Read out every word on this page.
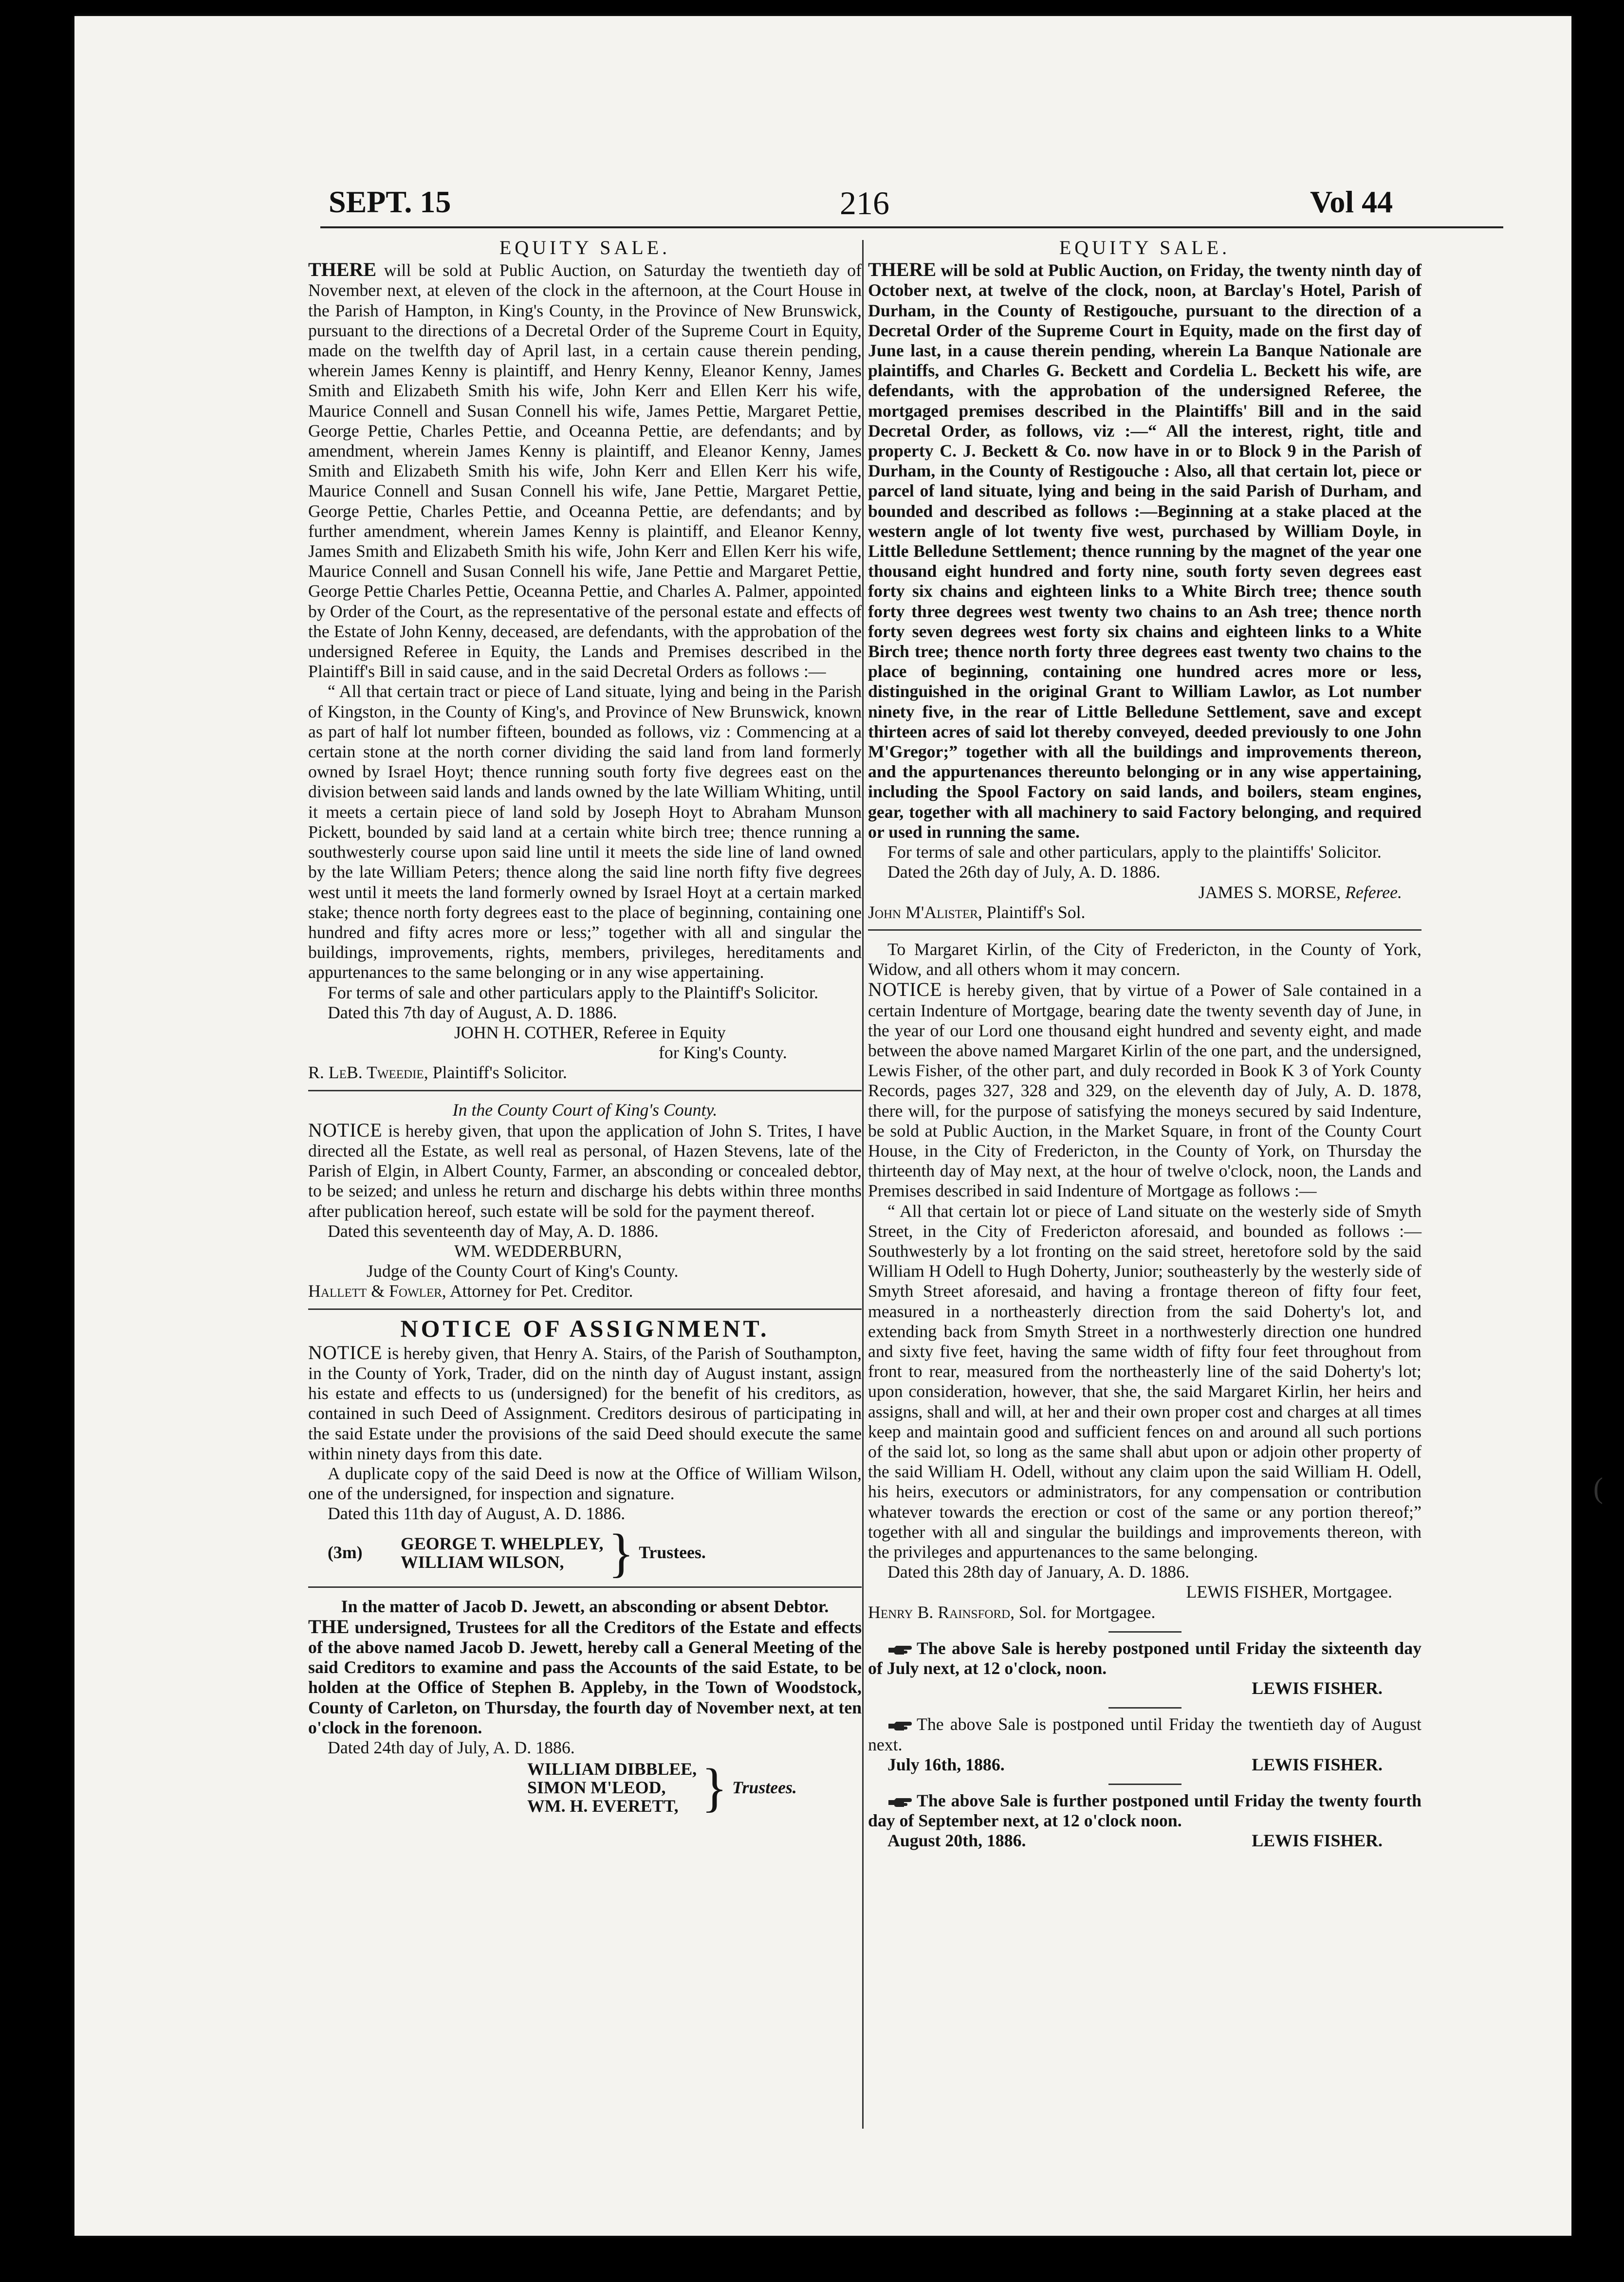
SEPT. 15	216	Vol 44

EQUITY SALE.

THERE will be sold at Public Auction, on Saturday the twentieth day of November next, at eleven of the clock in the afternoon, at the Court House in the Parish of Hampton, in King's County, in the Province of New Brunswick, pursuant to the directions of a Decretal Order of the Supreme Court in Equity, made on the twelfth day of April last, in a certain cause therein pending, wherein James Kenny is plaintiff, and Henry Kenny, Eleanor Kenny, James Smith and Elizabeth Smith his wife, John Kerr and Ellen Kerr his wife, Maurice Connell and Susan Connell his wife, James Pettie, Margaret Pettie, George Pettie, Charles Pettie, and Oceanna Pettie, are defendants; and by amendment, wherein James Kenny is plaintiff, and Eleanor Kenny, James Smith and Elizabeth Smith his wife, John Kerr and Ellen Kerr his wife, Maurice Connell and Susan Connell his wife, Jane Pettie, Margaret Pettie, George Pettie, Charles Pettie, and Oceanna Pettie, are defendants; and by further amendment, wherein James Kenny is plaintiff, and Eleanor Kenny, James Smith and Elizabeth Smith his wife, John Kerr and Ellen Kerr his wife, Maurice Connell and Susan Connell his wife, Jane Pettie and Margaret Pettie, George Pettie Charles Pettie, Oceanna Pettie, and Charles A. Palmer, appointed by Order of the Court, as the representative of the personal estate and effects of the Estate of John Kenny, deceased, are defendants, with the approbation of the undersigned Referee in Equity, the Lands and Premises described in the Plaintiff's Bill in said cause, and in the said Decretal Orders as follows :—

“ All that certain tract or piece of Land situate, lying and being in the Parish of Kingston, in the County of King's, and Province of New Brunswick, known as part of half lot number fifteen, bounded as follows, viz : Commencing at a certain stone at the north corner dividing the said land from land formerly owned by Israel Hoyt; thence running south forty five degrees east on the division between said lands and lands owned by the late William Whiting, until it meets a certain piece of land sold by Joseph Hoyt to Abraham Munson Pickett, bounded by said land at a certain white birch tree; thence running a southwesterly course upon said line until it meets the side line of land owned by the late William Peters; thence along the said line north fifty five degrees west until it meets the land formerly owned by Israel Hoyt at a certain marked stake; thence north forty degrees east to the place of beginning, containing one hundred and fifty acres more or less;” together with all and singular the buildings, improvements, rights, members, privileges, hereditaments and appurtenances to the same belonging or in any wise appertaining.

For terms of sale and other particulars apply to the Plaintiff's Solicitor.

Dated this 7th day of August, A. D. 1886.

JOHN H. COTHER, Referee in Equity

for King's County.

R. LeB. Tweedie, Plaintiff's Solicitor.

In the County Court of King's County.

NOTICE is hereby given, that upon the application of John S. Trites, I have directed all the Estate, as well real as personal, of Hazen Stevens, late of the Parish of Elgin, in Albert County, Farmer, an absconding or concealed debtor, to be seized; and unless he return and discharge his debts within three months after publication hereof, such estate will be sold for the payment thereof.

Dated this seventeenth day of May, A. D. 1886.

WM. WEDDERBURN,

Judge of the County Court of King's County.

Hallett & Fowler, Attorney for Pet. Creditor.

NOTICE OF ASSIGNMENT.

NOTICE is hereby given, that Henry A. Stairs, of the Parish of Southampton, in the County of York, Trader, did on the ninth day of August instant, assign his estate and effects to us (undersigned) for the benefit of his creditors, as contained in such Deed of Assignment. Creditors desirous of participating in the said Estate under the provisions of the said Deed should execute the same within ninety days from this date.

A duplicate copy of the said Deed is now at the Office of William Wilson, one of the undersigned, for inspection and signature.

Dated this 11th day of August, A. D. 1886.

(3m)	GEORGE T. WHELPLEY,
WILLIAM WILSON, } Trustees.

In the matter of Jacob D. Jewett, an absconding or absent Debtor.

THE undersigned, Trustees for all the Creditors of the Estate and effects of the above named Jacob D. Jewett, hereby call a General Meeting of the said Creditors to examine and pass the Accounts of the said Estate, to be holden at the Office of Stephen B. Appleby, in the Town of Woodstock, County of Carleton, on Thursday, the fourth day of November next, at ten o'clock in the forenoon.

Dated 24th day of July, A. D. 1886.

WILLIAM DIBBLEE,
SIMON M'LEOD,
WM. H. EVERETT, } Trustees.

EQUITY SALE.

THERE will be sold at Public Auction, on Friday, the twenty ninth day of October next, at twelve of the clock, noon, at Barclay's Hotel, Parish of Durham, in the County of Restigouche, pursuant to the direction of a Decretal Order of the Supreme Court in Equity, made on the first day of June last, in a cause therein pending, wherein La Banque Nationale are plaintiffs, and Charles G. Beckett and Cordelia L. Beckett his wife, are defendants, with the approbation of the undersigned Referee, the mortgaged premises described in the Plaintiffs' Bill and in the said Decretal Order, as follows, viz :—“ All the interest, right, title and property C. J. Beckett & Co. now have in or to Block 9 in the Parish of Durham, in the County of Restigouche : Also, all that certain lot, piece or parcel of land situate, lying and being in the said Parish of Durham, and bounded and described as follows :—Beginning at a stake placed at the western angle of lot twenty five west, purchased by William Doyle, in Little Belledune Settlement; thence running by the magnet of the year one thousand eight hundred and forty nine, south forty seven degrees east forty six chains and eighteen links to a White Birch tree; thence south forty three degrees west twenty two chains to an Ash tree; thence north forty seven degrees west forty six chains and eighteen links to a White Birch tree; thence north forty three degrees east twenty two chains to the place of beginning, containing one hundred acres more or less, distinguished in the original Grant to William Lawlor, as Lot number ninety five, in the rear of Little Belledune Settlement, save and except thirteen acres of said lot thereby conveyed, deeded previously to one John M'Gregor;” together with all the buildings and improvements thereon, and the appurtenances thereunto belonging or in any wise appertaining, including the Spool Factory on said lands, and boilers, steam engines, gear, together with all machinery to said Factory belonging, and required or used in running the same.

For terms of sale and other particulars, apply to the plaintiffs' Solicitor.

Dated the 26th day of July, A. D. 1886.

JAMES S. MORSE, Referee.

John M'Alister, Plaintiff's Sol.

To Margaret Kirlin, of the City of Fredericton, in the County of York, Widow, and all others whom it may concern.

NOTICE is hereby given, that by virtue of a Power of Sale contained in a certain Indenture of Mortgage, bearing date the twenty seventh day of June, in the year of our Lord one thousand eight hundred and seventy eight, and made between the above named Margaret Kirlin of the one part, and the undersigned, Lewis Fisher, of the other part, and duly recorded in Book K 3 of York County Records, pages 327, 328 and 329, on the eleventh day of July, A. D. 1878, there will, for the purpose of satisfying the moneys secured by said Indenture, be sold at Public Auction, in the Market Square, in front of the County Court House, in the City of Fredericton, in the County of York, on Thursday the thirteenth day of May next, at the hour of twelve o'clock, noon, the Lands and Premises described in said Indenture of Mortgage as follows :—

“ All that certain lot or piece of Land situate on the westerly side of Smyth Street, in the City of Fredericton aforesaid, and bounded as follows :—Southwesterly by a lot fronting on the said street, heretofore sold by the said William H Odell to Hugh Doherty, Junior; southeasterly by the westerly side of Smyth Street aforesaid, and having a frontage thereon of fifty four feet, measured in a northeasterly direction from the said Doherty's lot, and extending back from Smyth Street in a northwesterly direction one hundred and sixty five feet, having the same width of fifty four feet throughout from front to rear, measured from the northeasterly line of the said Doherty's lot; upon consideration, however, that she, the said Margaret Kirlin, her heirs and assigns, shall and will, at her and their own proper cost and charges at all times keep and maintain good and sufficient fences on and around all such portions of the said lot, so long as the same shall abut upon or adjoin other property of the said William H. Odell, without any claim upon the said William H. Odell, his heirs, executors or administrators, for any compensation or contribution whatever towards the erection or cost of the same or any portion thereof;” together with all and singular the buildings and improvements thereon, with the privileges and appurtenances to the same belonging.

Dated this 28th day of January, A. D. 1886.

LEWIS FISHER, Mortgagee.

Henry B. Rainsford, Sol. for Mortgagee.

The above Sale is hereby postponed until Friday the sixteenth day of July next, at 12 o'clock, noon.

LEWIS FISHER.

The above Sale is postponed until Friday the twentieth day of August next.

July 16th, 1886.	LEWIS FISHER.

The above Sale is further postponed until Friday the twenty fourth day of September next, at 12 o'clock noon.

August 20th, 1886.	LEWIS FISHER.
(
